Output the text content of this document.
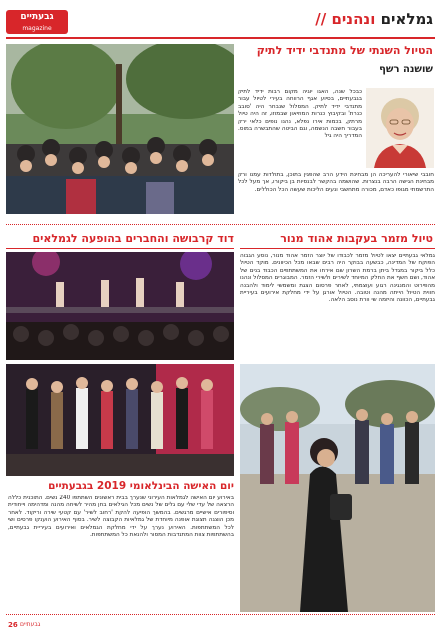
גבעתיים
magazine
גמלאים ונהנים //
הטיול השנתי של מתנדבי ידיד לתיק
שושנה רשף
כבכל שנה, האגו יוגיה מקום רבות ידיד לתיק בגבעתיים, בסיוע אגף הרווחה בעירי לטיול עבור מתנדבי ידיד לתיק. המסלול שנבחר היה 'סובב כנרת' ובקיבוץ כנרות המוזיאון שבמוזו, זה היה טיול מרתק, בכמות אירו נפלא, נהנו נופים כלאי ירק בעבור חשבה הנשמה, וגם הביטה שהתבשרה במוס. המדריך היה גיל
חובבי שיאורי להעריכה הן מבחינת הידע הרב שהפגין בתוכן, בתולדות עמנו ורק מבחינת הגישה הרבה בנצרות. שהושמה בהקשר לבנסיות בן ביקורו, אך מעל לכל התרשמתי מגופו כאדם, מכורה מתחשבי ונעים הליכות שעשה הכל הכוללים.
דוד קרבושה והחברים בהופעה לגמלאים
יום האישה הבינלאומי 2019 בגבעתיים
באירוע יום האישה לגמלאות העירוני שנערך בבית ראשונים השתתפו 240 נשים. התוכנית כללה הרצאה של עדי שלי עם גלים של נשים מכל הגילאים בחן מהיר לשיחה מהנה ומדהימה וייחודית וסיפורים אישיים מרגשים. בהמשך הופיעה להקת 'רחוב לשיר' עם קטעי שירה וריקוד. לאחר מכן הוצגה תצוגת אופנה מיוחדת של גמלאיות הקבוצה לשיר. בסוף האירוע הוענקו פרסים ושי לכל המשתתפות. האירוע נערך על ידי מחלקת הגמלאים ואירועים בעיריית גבעתיים, בהשתתפות צוות המתנדבות המסור ולהנאת כל המשתתפות.
טיול מזמר בעקבות אהוד מנור
גמלאי גבעתיים יצאו לטיול מזמר לכבודו של יוצר הזמר אהוד מנור, נוסע הגבוה הפוקח של המדינה, כבשעה בבוקר היה רבים שבאו מכל הכיוונים. מוקד הטיול כלל ביקור במגדל ביתן ברמת השרון שם אירחו את המשתתפים הכבוד בנים של אהוד, ושם חשף את החלק המיוחד לשירים ולשירי הזמר. המבוגרים המסלול ונהנו מהפירוט והמנגינה רגוע ועוצמתי, לאחר פרסום הצגת ומשמשי לימוד ולהבנה חווית הטיול הייתה מהנה וטובה. הטיול אורגן על ידי מחלקת אירועים בעיריית גבעתיים, הכוונה והיזמה שי וורת נוסב הלאה.
26 גבעתיים
